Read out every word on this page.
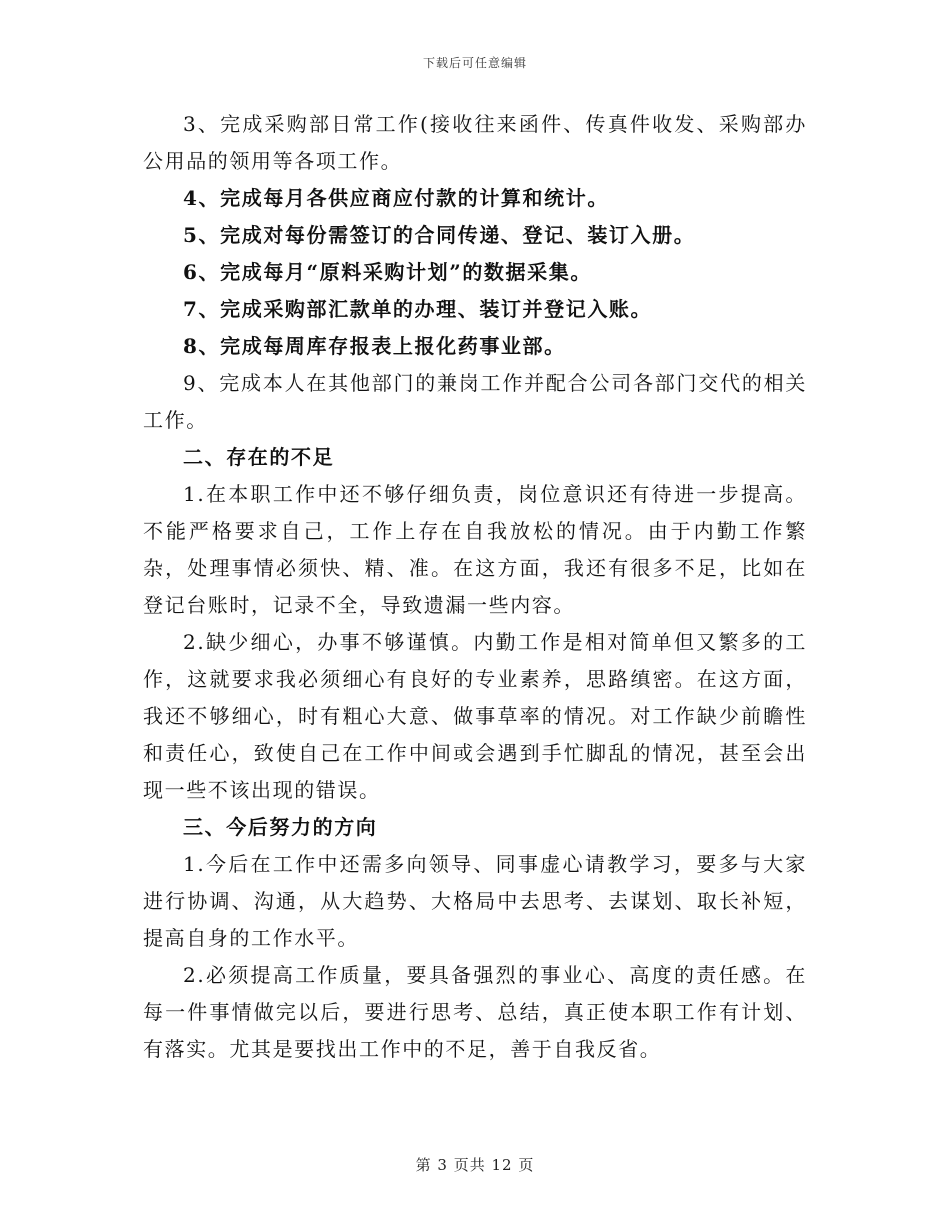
下载后可任意编辑

3、完成采购部日常工作(接收往来函件、传真件收发、采购部办公用品的领用等各项工作。

4、完成每月各供应商应付款的计算和统计。

5、完成对每份需签订的合同传递、登记、装订入册。

6、完成每月“原料采购计划”的数据采集。

7、完成采购部汇款单的办理、装订并登记入账。

8、完成每周库存报表上报化药事业部。

9、完成本人在其他部门的兼岗工作并配合公司各部门交代的相关工作。

二、存在的不足

1.在本职工作中还不够仔细负责，岗位意识还有待进一步提高。不能严格要求自己，工作上存在自我放松的情况。由于内勤工作繁杂，处理事情必须快、精、准。在这方面，我还有很多不足，比如在登记台账时，记录不全，导致遗漏一些内容。

2.缺少细心，办事不够谨慎。内勤工作是相对简单但又繁多的工作，这就要求我必须细心有良好的专业素养，思路缜密。在这方面，我还不够细心，时有粗心大意、做事草率的情况。对工作缺少前瞻性和责任心，致使自己在工作中间或会遇到手忙脚乱的情况，甚至会出现一些不该出现的错误。

三、今后努力的方向

1.今后在工作中还需多向领导、同事虚心请教学习，要多与大家进行协调、沟通，从大趋势、大格局中去思考、去谋划、取长补短，提高自身的工作水平。

2.必须提高工作质量，要具备强烈的事业心、高度的责任感。在每一件事情做完以后，要进行思考、总结，真正使本职工作有计划、有落实。尤其是要找出工作中的不足，善于自我反省。

第 3 页共 12 页
